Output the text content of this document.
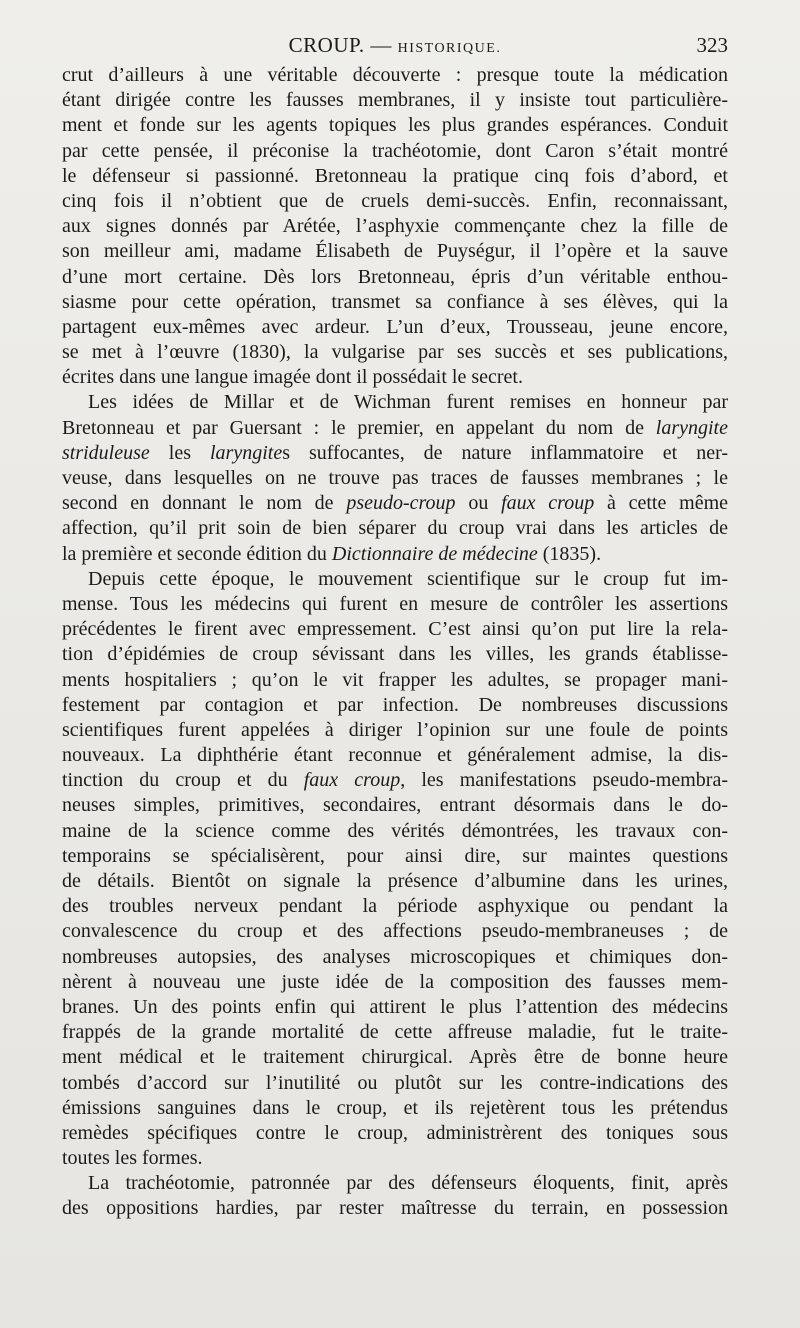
CROUP. — HISTORIQUE.	323
crut d’ailleurs à une véritable découverte : presque toute la médication
étant dirigée contre les fausses membranes, il y insiste tout particulière-
ment et fonde sur les agents topiques les plus grandes espérances. Conduit
par cette pensée, il préconise la trachéotomie, dont Caron s’était montré
le défenseur si passionné. Bretonneau la pratique cinq fois d’abord, et
cinq fois il n’obtient que de cruels demi-succès. Enfin, reconnaissant,
aux signes donnés par Arétée, l’asphyxie commençante chez la fille de
son meilleur ami, madame Élisabeth de Puységur, il l’opère et la sauve
d’une mort certaine. Dès lors Bretonneau, épris d’un véritable enthou-
siasme pour cette opération, transmet sa confiance à ses élèves, qui la
partagent eux-mêmes avec ardeur. L’un d’eux, Trousseau, jeune encore,
se met à l’œuvre (1830), la vulgarise par ses succès et ses publications,
écrites dans une langue imagée dont il possédait le secret.
Les idées de Millar et de Wichman furent remises en honneur par
Bretonneau et par Guersant : le premier, en appelant du nom de laryngite
striduleuse les laryngites suffocantes, de nature inflammatoire et ner-
veuse, dans lesquelles on ne trouve pas traces de fausses membranes ; le
second en donnant le nom de pseudo-croup ou faux croup à cette même
affection, qu’il prit soin de bien séparer du croup vrai dans les articles de
la première et seconde édition du Dictionnaire de médecine (1835).
Depuis cette époque, le mouvement scientifique sur le croup fut im-
mense. Tous les médecins qui furent en mesure de contrôler les assertions
précédentes le firent avec empressement. C’est ainsi qu’on put lire la rela-
tion d’épidémies de croup sévissant dans les villes, les grands établisse-
ments hospitaliers ; qu’on le vit frapper les adultes, se propager mani-
festement par contagion et par infection. De nombreuses discussions
scientifiques furent appelées à diriger l’opinion sur une foule de points
nouveaux. La diphthérie étant reconnue et généralement admise, la dis-
tinction du croup et du faux croup, les manifestations pseudo-membra-
neuses simples, primitives, secondaires, entrant désormais dans le do-
maine de la science comme des vérités démontrées, les travaux con-
temporains se spécialisèrent, pour ainsi dire, sur maintes questions
de détails. Bientôt on signale la présence d’albumine dans les urines,
des troubles nerveux pendant la période asphyxique ou pendant la
convalescence du croup et des affections pseudo-membraneuses ; de
nombreuses autopsies, des analyses microscopiques et chimiques don-
nèrent à nouveau une juste idée de la composition des fausses mem-
branes. Un des points enfin qui attirent le plus l’attention des médecins
frappés de la grande mortalité de cette affreuse maladie, fut le traite-
ment médical et le traitement chirurgical. Après être de bonne heure
tombés d’accord sur l’inutilité ou plutôt sur les contre-indications des
émissions sanguines dans le croup, et ils rejetèrent tous les prétendus
remèdes spécifiques contre le croup, administrèrent des toniques sous
toutes les formes.
La trachéotomie, patronnée par des défenseurs éloquents, finit, après
des oppositions hardies, par rester maîtresse du terrain, en possession
